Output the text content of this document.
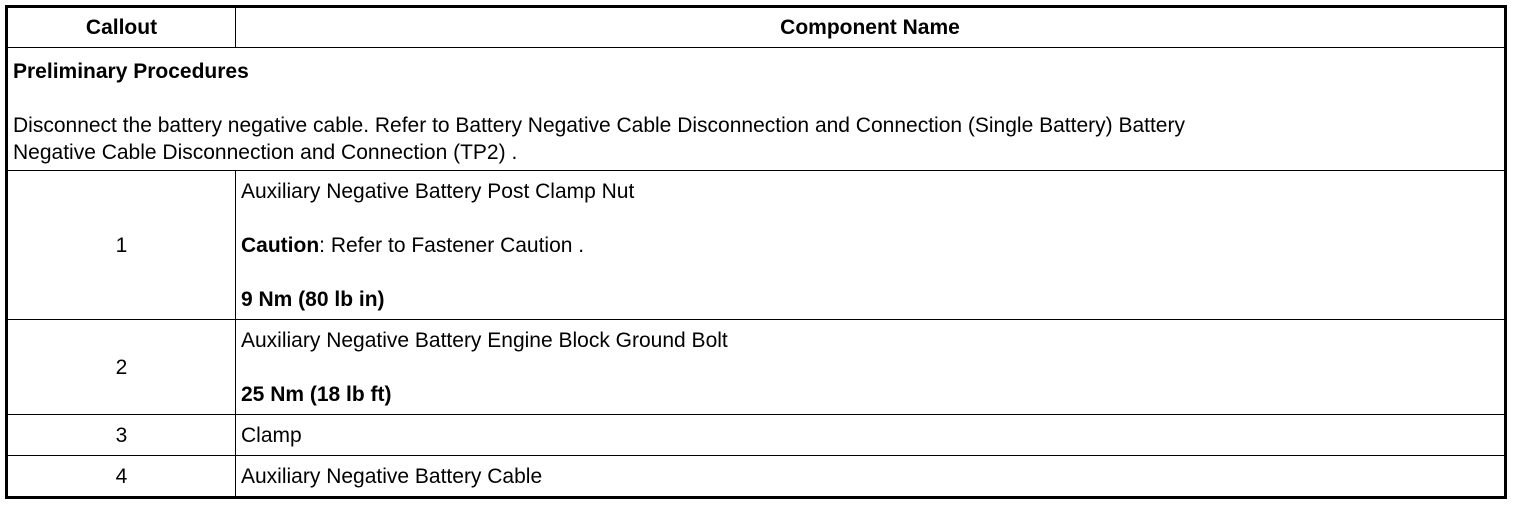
Callout	Component Name

Preliminary Procedures
Disconnect the battery negative cable. Refer to Battery Negative Cable Disconnection and Connection (Single Battery) Battery
Negative Cable Disconnection and Connection (TP2) .	

1	Auxiliary Negative Battery Post Clamp Nut
Caution: Refer to Fastener Caution .
9 Nm (80 lb in)

2	Auxiliary Negative Battery Engine Block Ground Bolt
25 Nm (18 lb ft)

3	Clamp

4	Auxiliary Negative Battery Cable
